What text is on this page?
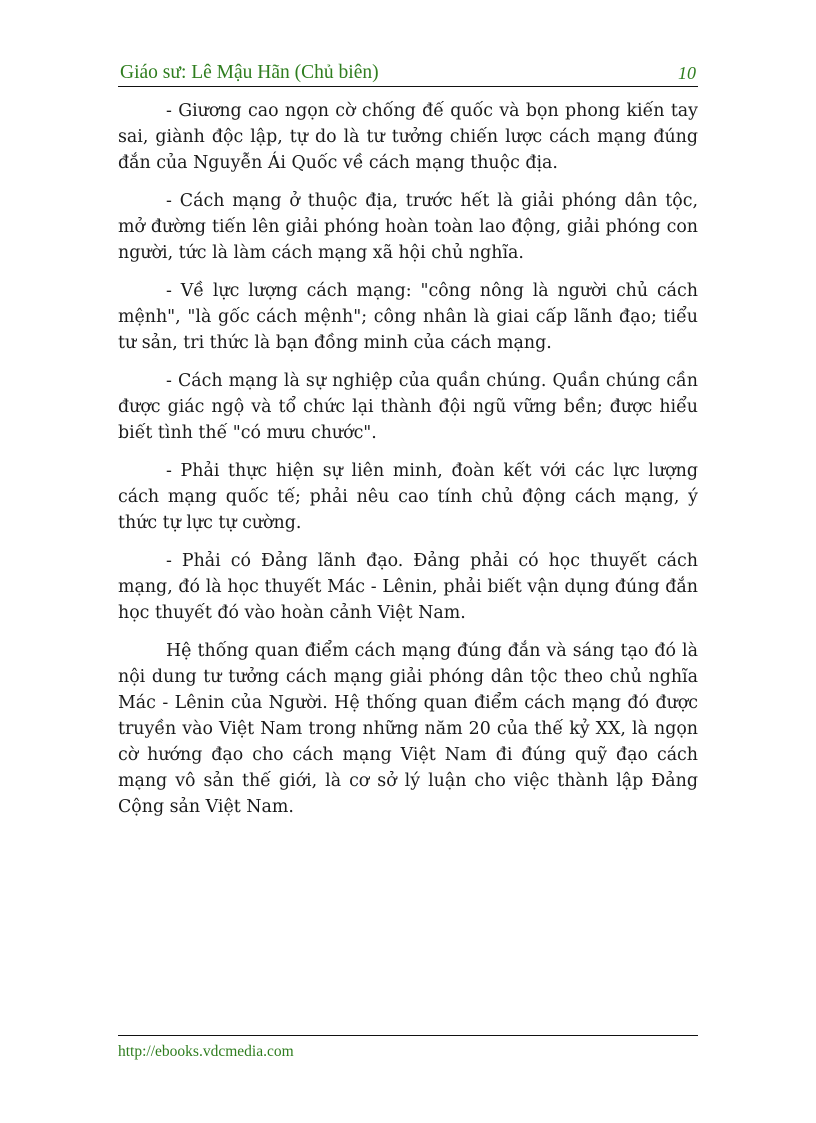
Giáo sư: Lê Mậu Hãn (Chủ biên)	10

- Giương cao ngọn cờ chống đế quốc và bọn phong kiến tay sai, giành độc lập, tự do là tư tưởng chiến lược cách mạng đúng đắn của Nguyễn Ái Quốc về cách mạng thuộc địa.

- Cách mạng ở thuộc địa, trước hết là giải phóng dân tộc, mở đường tiến lên giải phóng hoàn toàn lao động, giải phóng con người, tức là làm cách mạng xã hội chủ nghĩa.

- Về lực lượng cách mạng: "công nông là người chủ cách mệnh", "là gốc cách mệnh"; công nhân là giai cấp lãnh đạo; tiểu tư sản, tri thức là bạn đồng minh của cách mạng.

- Cách mạng là sự nghiệp của quần chúng. Quần chúng cần được giác ngộ và tổ chức lại thành đội ngũ vững bền; được hiểu biết tình thế "có mưu chước".

- Phải thực hiện sự liên minh, đoàn kết với các lực lượng cách mạng quốc tế; phải nêu cao tính chủ động cách mạng, ý thức tự lực tự cường.

- Phải có Đảng lãnh đạo. Đảng phải có học thuyết cách mạng, đó là học thuyết Mác - Lênin, phải biết vận dụng đúng đắn học thuyết đó vào hoàn cảnh Việt Nam.

Hệ thống quan điểm cách mạng đúng đắn và sáng tạo đó là nội dung tư tưởng cách mạng giải phóng dân tộc theo chủ nghĩa Mác - Lênin của Người. Hệ thống quan điểm cách mạng đó được truyền vào Việt Nam trong những năm 20 của thế kỷ XX, là ngọn cờ hướng đạo cho cách mạng Việt Nam đi đúng quỹ đạo cách mạng vô sản thế giới, là cơ sở lý luận cho việc thành lập Đảng Cộng sản Việt Nam.

http://ebooks.vdcmedia.com
